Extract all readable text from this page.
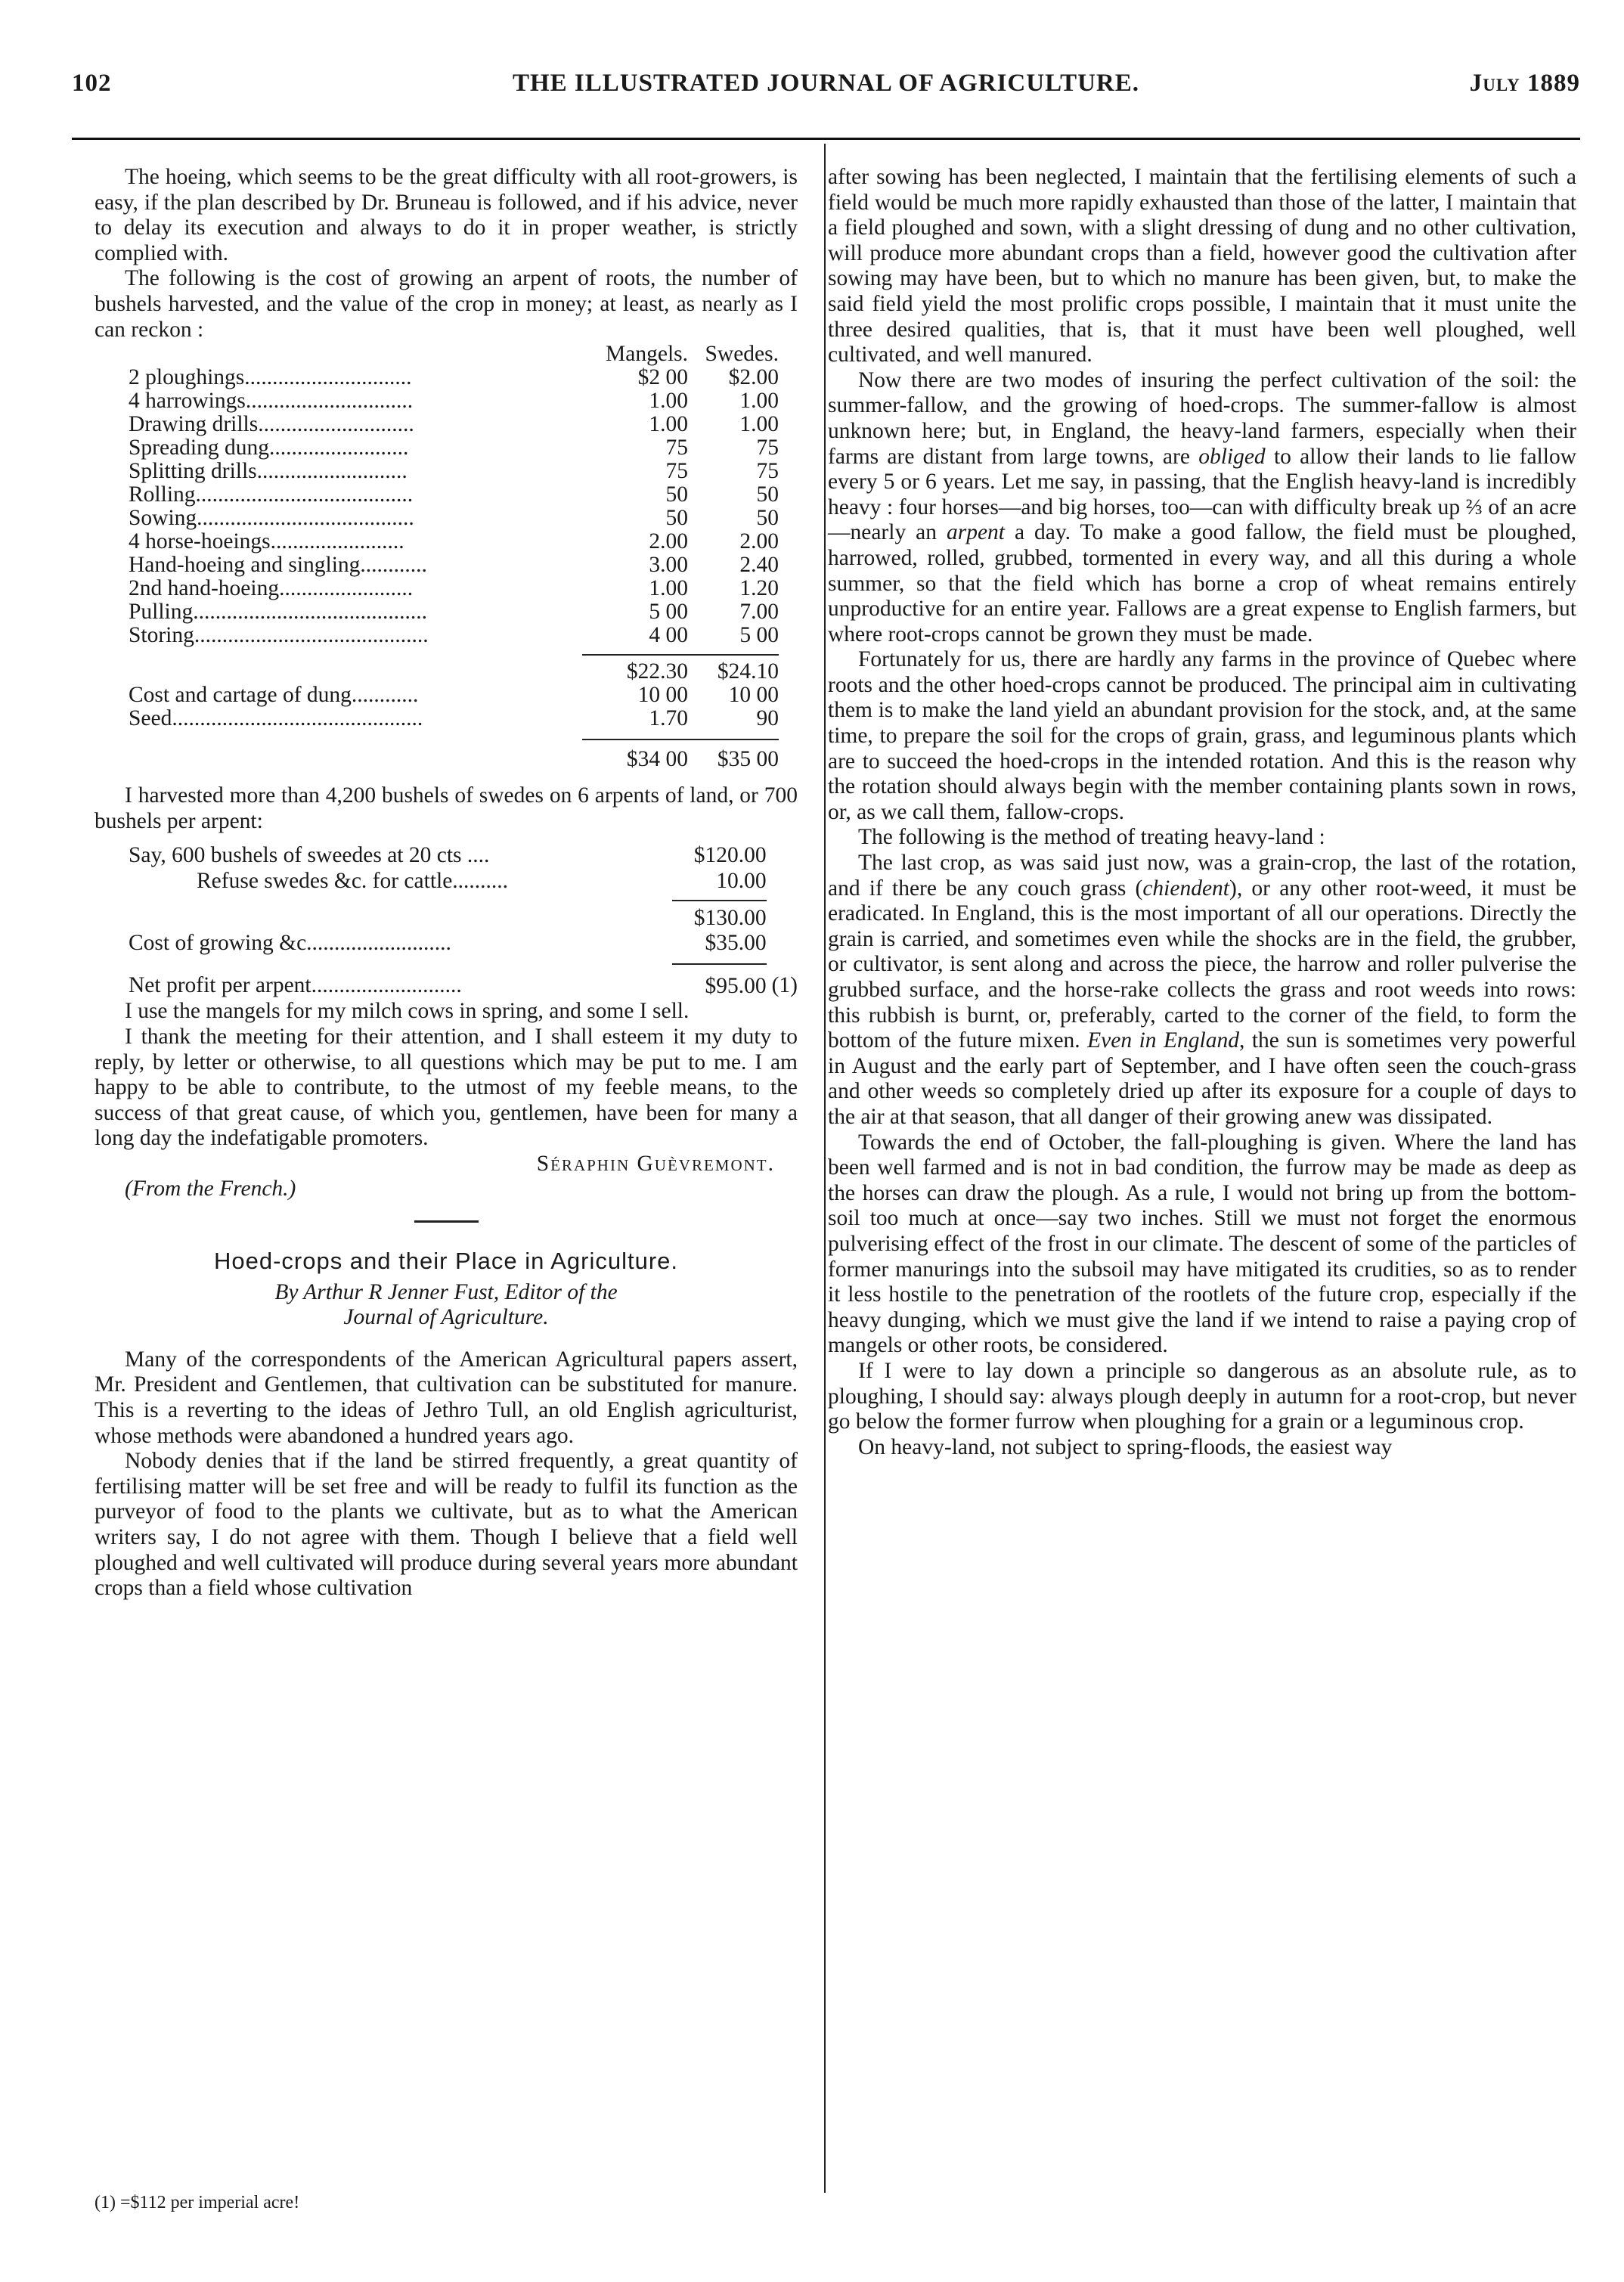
102	THE ILLUSTRATED JOURNAL OF AGRICULTURE.	July 1889

The hoeing, which seems to be the great difficulty with all root-growers, is easy, if the plan described by Dr. Bruneau is followed, and if his advice, never to delay its execution and always to do it in proper weather, is strictly complied with.

The following is the cost of growing an arpent of roots, the number of bushels harvested, and the value of the crop in money; at least, as nearly as I can reckon :

	Mangels.	Swedes.
2 ploughings..............................	$2 00	$2.00
4 harrowings..............................	1.00	1.00
Drawing drills............................	1.00	1.00
Spreading dung.........................	75	75
Splitting drills...........................	75	75
Rolling.......................................	50	50
Sowing.......................................	50	50
4 horse-hoeings........................	2.00	2.00
Hand-hoeing and singling............	3.00	2.40
2nd hand-hoeing........................	1.00	1.20
Pulling..........................................	5 00	7.00
Storing..........................................	4 00	5 00

	$22.30	$24.10
Cost and cartage of dung............	10 00	10 00
Seed.............................................	1.70	90

	$34 00	$35 00

I harvested more than 4,200 bushels of swedes on 6 arpents of land, or 700 bushels per arpent:

Say, 600 bushels of sweedes at 20 cts ....	$120.00	
Refuse swedes &c. for cattle..........	10.00	

	$130.00	
Cost of growing &c..........................	$35.00	

Net profit per arpent...........................	$95.00	(1)

I use the mangels for my milch cows in spring, and some I sell.

I thank the meeting for their attention, and I shall esteem it my duty to reply, by letter or otherwise, to all questions which may be put to me. I am happy to be able to contribute, to the utmost of my feeble means, to the success of that great cause, of which you, gentlemen, have been for many a long day the indefatigable promoters.

Séraphin Guèvremont.
(From the French.)
Hoed-crops and their Place in Agriculture.
By Arthur R Jenner Fust, Editor of the
Journal of Agriculture.

Many of the correspondents of the American Agricultural papers assert, Mr. President and Gentlemen, that cultivation can be substituted for manure. This is a reverting to the ideas of Jethro Tull, an old English agriculturist, whose methods were abandoned a hundred years ago.

Nobody denies that if the land be stirred frequently, a great quantity of fertilising matter will be set free and will be ready to fulfil its function as the purveyor of food to the plants we cultivate, but as to what the American writers say, I do not agree with them. Though I believe that a field well ploughed and well cultivated will produce during several years more abundant crops than a field whose cultivation

(1) =$112 per imperial acre!

after sowing has been neglected, I maintain that the fertilising elements of such a field would be much more rapidly exhausted than those of the latter, I maintain that a field ploughed and sown, with a slight dressing of dung and no other cultivation, will produce more abundant crops than a field, however good the cultivation after sowing may have been, but to which no manure has been given, but, to make the said field yield the most prolific crops possible, I maintain that it must unite the three desired qualities, that is, that it must have been well ploughed, well cultivated, and well manured.

Now there are two modes of insuring the perfect cultivation of the soil: the summer-fallow, and the growing of hoed-crops. The summer-fallow is almost unknown here; but, in England, the heavy-land farmers, especially when their farms are distant from large towns, are obliged to allow their lands to lie fallow every 5 or 6 years. Let me say, in passing, that the English heavy-land is incredibly heavy : four horses—and big horses, too—can with difficulty break up ⅔ of an acre—nearly an arpent a day. To make a good fallow, the field must be ploughed, harrowed, rolled, grubbed, tormented in every way, and all this during a whole summer, so that the field which has borne a crop of wheat remains entirely unproductive for an entire year. Fallows are a great expense to English farmers, but where root-crops cannot be grown they must be made.

Fortunately for us, there are hardly any farms in the province of Quebec where roots and the other hoed-crops cannot be produced. The principal aim in cultivating them is to make the land yield an abundant provision for the stock, and, at the same time, to prepare the soil for the crops of grain, grass, and leguminous plants which are to succeed the hoed-crops in the intended rotation. And this is the reason why the rotation should always begin with the member containing plants sown in rows, or, as we call them, fallow-crops.

The following is the method of treating heavy-land :

The last crop, as was said just now, was a grain-crop, the last of the rotation, and if there be any couch grass (chiendent), or any other root-weed, it must be eradicated. In England, this is the most important of all our operations. Directly the grain is carried, and sometimes even while the shocks are in the field, the grubber, or cultivator, is sent along and across the piece, the harrow and roller pulverise the grubbed surface, and the horse-rake collects the grass and root weeds into rows: this rubbish is burnt, or, preferably, carted to the corner of the field, to form the bottom of the future mixen. Even in England, the sun is sometimes very powerful in August and the early part of September, and I have often seen the couch-grass and other weeds so completely dried up after its exposure for a couple of days to the air at that season, that all danger of their growing anew was dissipated.

Towards the end of October, the fall-ploughing is given. Where the land has been well farmed and is not in bad condition, the furrow may be made as deep as the horses can draw the plough. As a rule, I would not bring up from the bottom-soil too much at once—say two inches. Still we must not forget the enormous pulverising effect of the frost in our climate. The descent of some of the particles of former manurings into the subsoil may have mitigated its crudities, so as to render it less hostile to the penetration of the rootlets of the future crop, especially if the heavy dunging, which we must give the land if we intend to raise a paying crop of mangels or other roots, be considered.

If I were to lay down a principle so dangerous as an absolute rule, as to ploughing, I should say: always plough deeply in autumn for a root-crop, but never go below the former furrow when ploughing for a grain or a leguminous crop.

On heavy-land, not subject to spring-floods, the easiest way
